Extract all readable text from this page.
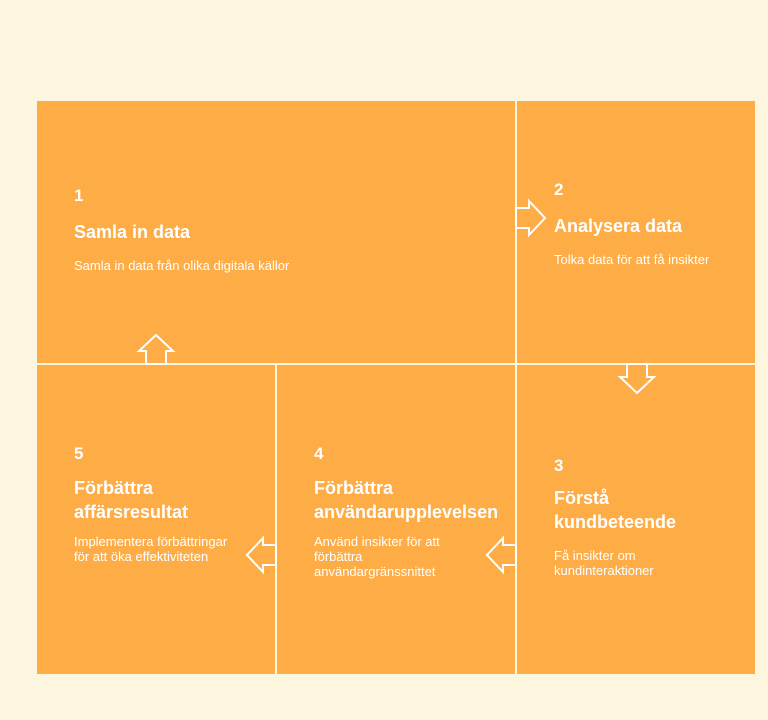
1
Samla in data
Samla in data från olika digitala källor
2
Analysera data
Tolka data för att få insikter
3
Förstå kundbeteende
Få insikter om kundinteraktioner
4
Förbättra användarupplevelsen
Använd insikter för att förbättra användargränssnittet
5
Förbättra affärsresultat
Implementera förbättringar för att öka effektiviteten
